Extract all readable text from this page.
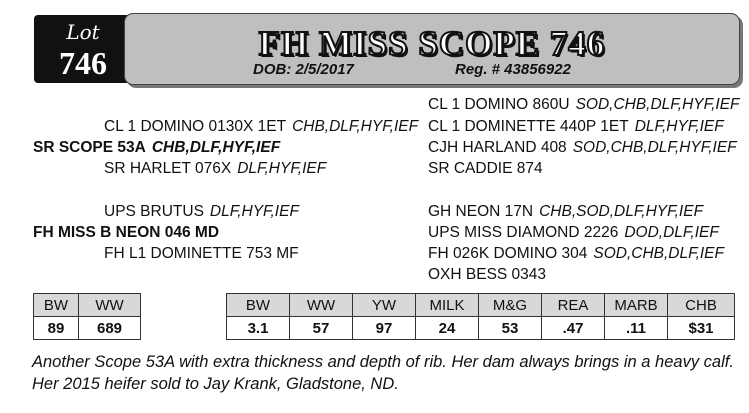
Lot
746	FH MISS SCOPE 746
DOB: 2/5/2017	Reg. # 43856922
CL 1 DOMINO 860U SOD,CHB,DLF,HYF,IEF
CL 1 DOMINETTE 440P 1ET DLF,HYF,IEF
CJH HARLAND 408 SOD,CHB,DLF,HYF,IEF
SR CADDIE 874
CL 1 DOMINO 0130X 1ET CHB,DLF,HYF,IEF
SR SCOPE 53A CHB,DLF,HYF,IEF
SR HARLET 076X DLF,HYF,IEF
UPS BRUTUS DLF,HYF,IEF
FH MISS B NEON 046 MD
FH L1 DOMINETTE 753 MF
GH NEON 17N CHB,SOD,DLF,HYF,IEF
UPS MISS DIAMOND 2226 DOD,DLF,IEF
FH 026K DOMINO 304 SOD,CHB,DLF,IEF
OXH BESS 0343
BW	WW
89	689
BW	WW	YW	MILK	M&G	REA	MARB	CHB
3.1	57	97	24	53	.47	.11	$31
Another Scope 53A with extra thickness and depth of rib. Her dam always brings in a heavy calf. Her 2015 heifer sold to Jay Krank, Gladstone, ND.
